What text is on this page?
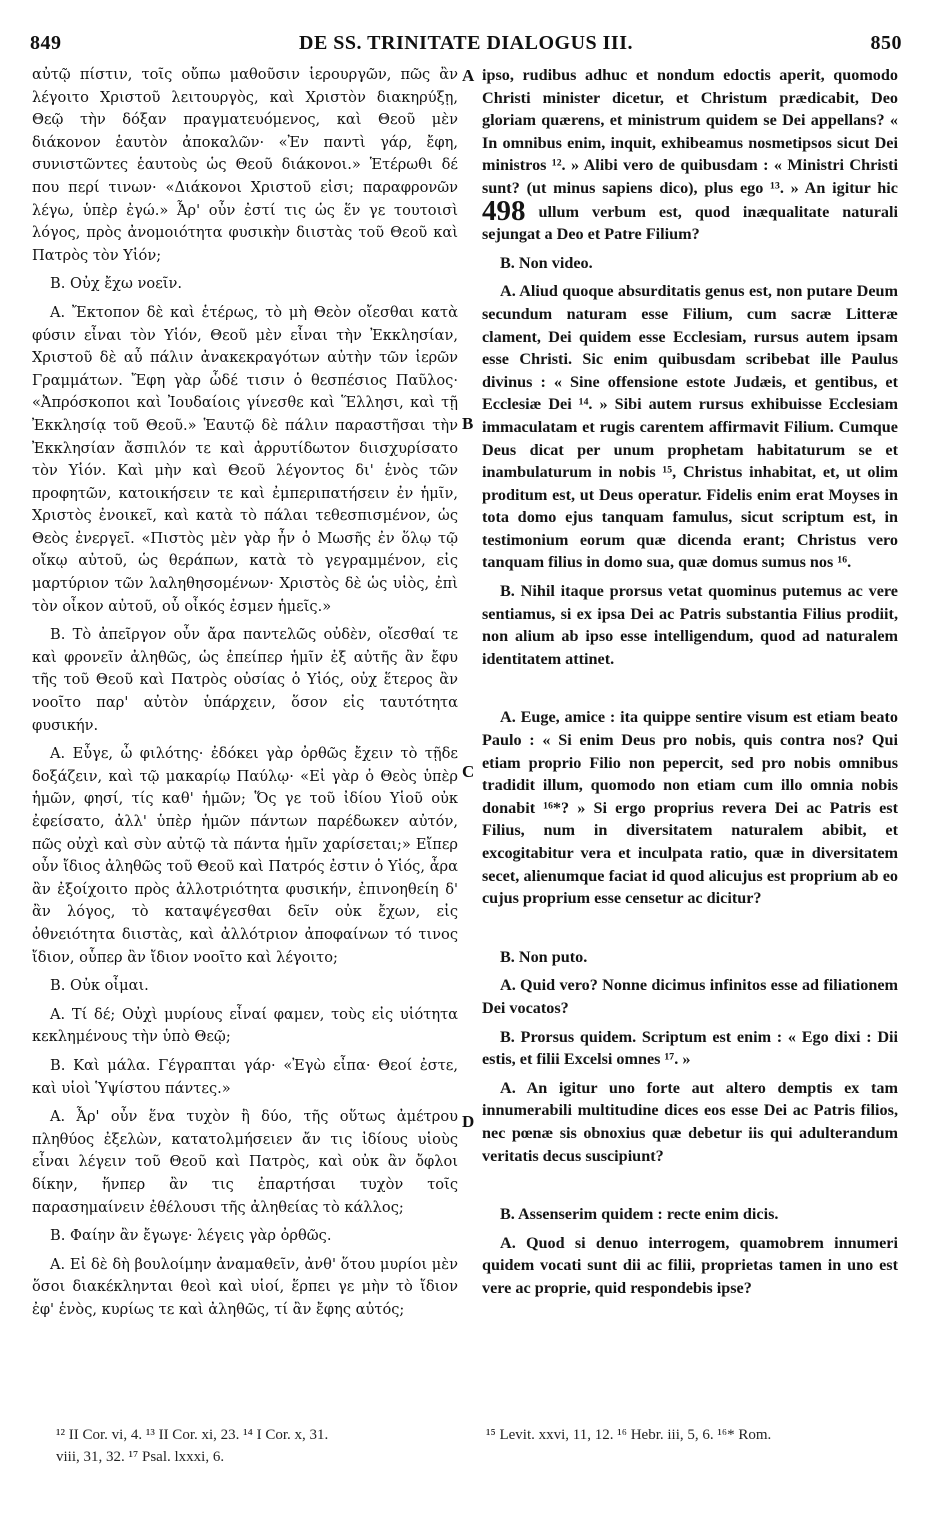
849	DE SS. TRINITATE DIALOGUS III.	850

αὐτῷ πίστιν, τοῖς οὔπω μαθοῦσιν ἱερουργῶν, πῶς ἂν λέγοιτο Χριστοῦ λειτουργὸς, καὶ Χριστὸν διακηρύξῃ, Θεῷ τὴν δόξαν πραγματευόμενος, καὶ Θεοῦ μὲν διάκονον ἑαυτὸν ἀποκαλῶν· «Ἐν παντὶ γάρ, ἔφη, συνιστῶντες ἑαυτοὺς ὡς Θεοῦ διάκονοι.» Ἑτέρωθι δέ που περί τινων· «Διάκονοι Χριστοῦ εἰσι; παραφρονῶν λέγω, ὑπὲρ ἐγώ.» Ἆρ' οὖν ἐστί τις ὡς ἕν γε τουτοισὶ λόγος, πρὸς ἀνομοιότητα φυσικὴν διιστὰς τοῦ Θεοῦ καὶ Πατρὸς τὸν Υἱόν;

Β. Οὐχ ἔχω νοεῖν.

Α. Ἔκτοπον δὲ καὶ ἑτέρως, τὸ μὴ Θεὸν οἴεσθαι κατὰ φύσιν εἶναι τὸν Υἱόν, Θεοῦ μὲν εἶναι τὴν Ἐκκλησίαν, Χριστοῦ δὲ αὖ πάλιν ἀνακεκραγότων αὐτὴν τῶν ἱερῶν Γραμμάτων. Ἔφη γὰρ ὧδέ τισιν ὁ θεσπέσιος Παῦλος· «Ἀπρόσκοποι καὶ Ἰουδαίοις γίνεσθε καὶ Ἕλλησι, καὶ τῇ Ἐκκλησίᾳ τοῦ Θεοῦ.» Ἑαυτῷ δὲ πάλιν παραστῆσαι τὴν Ἐκκλησίαν ἄσπιλόν τε καὶ ἀρρυτίδωτον διισχυρίσατο τὸν Υἱόν. Καὶ μὴν καὶ Θεοῦ λέγοντος δι' ἑνὸς τῶν προφητῶν, κατοικήσειν τε καὶ ἐμπεριπατήσειν ἐν ἡμῖν, Χριστὸς ἐνοικεῖ, καὶ κατὰ τὸ πάλαι τεθεσπισμένον, ὡς Θεὸς ἐνεργεῖ. «Πιστὸς μὲν γὰρ ἦν ὁ Μωσῆς ἐν ὅλῳ τῷ οἴκῳ αὐτοῦ, ὡς θεράπων, κατὰ τὸ γεγραμμένον, εἰς μαρτύριον τῶν λαληθησομένων· Χριστὸς δὲ ὡς υἱὸς, ἐπὶ τὸν οἶκον αὐτοῦ, οὗ οἶκός ἐσμεν ἡμεῖς.»

Β. Τὸ ἀπεῖργον οὖν ἄρα παντελῶς οὐδὲν, οἴεσθαί τε καὶ φρονεῖν ἀληθῶς, ὡς ἐπείπερ ἡμῖν ἐξ αὐτῆς ἂν ἔφυ τῆς τοῦ Θεοῦ καὶ Πατρὸς οὐσίας ὁ Υἱός, οὐχ ἕτερος ἂν νοοῖτο παρ' αὐτὸν ὑπάρχειν, ὅσον εἰς ταυτότητα φυσικήν.

Α. Εὖγε, ὦ φιλότης· ἐδόκει γὰρ ὀρθῶς ἔχειν τὸ τῇδε δοξάζειν, καὶ τῷ μακαρίῳ Παύλῳ· «Εἰ γὰρ ὁ Θεὸς ὑπὲρ ἡμῶν, φησί, τίς καθ' ἡμῶν; Ὅς γε τοῦ ἰδίου Υἱοῦ οὐκ ἐφείσατο, ἀλλ' ὑπὲρ ἡμῶν πάντων παρέδωκεν αὐτόν, πῶς οὐχὶ καὶ σὺν αὐτῷ τὰ πάντα ἡμῖν χαρίσεται;» Εἴπερ οὖν ἴδιος ἀληθῶς τοῦ Θεοῦ καὶ Πατρός ἐστιν ὁ Υἱός, ἆρα ἂν ἐξοίχοιτο πρὸς ἀλλοτριότητα φυσικήν, ἐπινοηθείη δ' ἂν λόγος, τὸ καταψέγεσθαι δεῖν οὐκ ἔχων, εἰς ὀθνειότητα διιστὰς, καὶ ἀλλότριον ἀποφαίνων τό τινος ἴδιον, οὗπερ ἂν ἴδιον νοοῖτο καὶ λέγοιτο;

Β. Οὐκ οἶμαι.

Α. Τί δέ; Οὐχὶ μυρίους εἶναί φαμεν, τοὺς εἰς υἱότητα κεκλημένους τὴν ὑπὸ Θεῷ;

Β. Καὶ μάλα. Γέγραπται γάρ· «Ἐγὼ εἶπα· Θεοί ἐστε, καὶ υἱοὶ Ὑψίστου πάντες.»

Α. Ἆρ' οὖν ἕνα τυχὸν ἢ δύο, τῆς οὕτως ἀμέτρου πληθύος ἐξελὼν, κατατολμήσειεν ἄν τις ἰδίους υἱοὺς εἶναι λέγειν τοῦ Θεοῦ καὶ Πατρὸς, καὶ οὐκ ἂν ὄφλοι δίκην, ἥνπερ ἂν τις ἐπαρτήσαι τυχὸν τοῖς παρασημαίνειν ἐθέλουσι τῆς ἀληθείας τὸ κάλλος;

Β. Φαίην ἂν ἔγωγε· λέγεις γὰρ ὀρθῶς.

Α. Εἰ δὲ δὴ βουλοίμην ἀναμαθεῖν, ἀνθ' ὅτου μυρίοι μὲν ὅσοι διακέκληνται θεοὶ καὶ υἱοί, ἕρπει γε μὴν τὸ ἴδιον ἐφ' ἑνὸς, κυρίως τε καὶ ἀληθῶς, τί ἂν ἔφης αὐτός;

A
B
C
D

ipso, rudibus adhuc et nondum edoctis aperit, quomodo Christi minister dicetur, et Christum prædicabit, Deo gloriam quærens, et ministrum quidem se Dei appellans? « In omnibus enim, inquit, exhibeamus nosmetipsos sicut Dei ministros ¹². » Alibi vero de quibusdam : « Ministri Christi sunt? (ut minus sapiens dico), plus ego ¹³. » An igitur hic 498 ullum verbum est, quod inæqualitate naturali sejungat a Deo et Patre Filium?

B. Non video.

A. Aliud quoque absurditatis genus est, non putare Deum secundum naturam esse Filium, cum sacræ Litteræ clament, Dei quidem esse Ecclesiam, rursus autem ipsam esse Christi. Sic enim quibusdam scribebat ille Paulus divinus : « Sine offensione estote Judæis, et gentibus, et Ecclesiæ Dei ¹⁴. » Sibi autem rursus exhibuisse Ecclesiam immaculatam et rugis carentem affirmavit Filium. Cumque Deus dicat per unum prophetam habitaturum se et inambulaturum in nobis ¹⁵, Christus inhabitat, et, ut olim proditum est, ut Deus operatur. Fidelis enim erat Moyses in tota domo ejus tanquam famulus, sicut scriptum est, in testimonium eorum quæ dicenda erant; Christus vero tanquam filius in domo sua, quæ domus sumus nos ¹⁶.

B. Nihil itaque prorsus vetat quominus putemus ac vere sentiamus, si ex ipsa Dei ac Patris substantia Filius prodiit, non alium ab ipso esse intelligendum, quod ad naturalem identitatem attinet.

A. Euge, amice : ita quippe sentire visum est etiam beato Paulo : « Si enim Deus pro nobis, quis contra nos? Qui etiam proprio Filio non pepercit, sed pro nobis omnibus tradidit illum, quomodo non etiam cum illo omnia nobis donabit ¹⁶*? » Si ergo proprius revera Dei ac Patris est Filius, num in diversitatem naturalem abibit, et excogitabitur vera et inculpata ratio, quæ in diversitatem secet, alienumque faciat id quod alicujus est proprium ab eo cujus proprium esse censetur ac dicitur?

B. Non puto.

A. Quid vero? Nonne dicimus infinitos esse ad filiationem Dei vocatos?

B. Prorsus quidem. Scriptum est enim : « Ego dixi : Dii estis, et filii Excelsi omnes ¹⁷. »

A. An igitur uno forte aut altero demptis ex tam innumerabili multitudine dices eos esse Dei ac Patris filios, nec pœnæ sis obnoxius quæ debetur iis qui adulterandum veritatis decus suscipiunt?

B. Assenserim quidem : recte enim dicis.

A. Quod si denuo interrogem, quamobrem innumeri quidem vocati sunt dii ac filii, proprietas tamen in uno est vere ac proprie, quid respondebis ipse?

¹² II Cor. vi, 4. ¹³ II Cor. xi, 23. ¹⁴ I Cor. x, 31.	¹⁵ Levit. xxvi, 11, 12. ¹⁶ Hebr. iii, 5, 6. ¹⁶* Rom.
viii, 31, 32. ¹⁷ Psal. lxxxi, 6.
